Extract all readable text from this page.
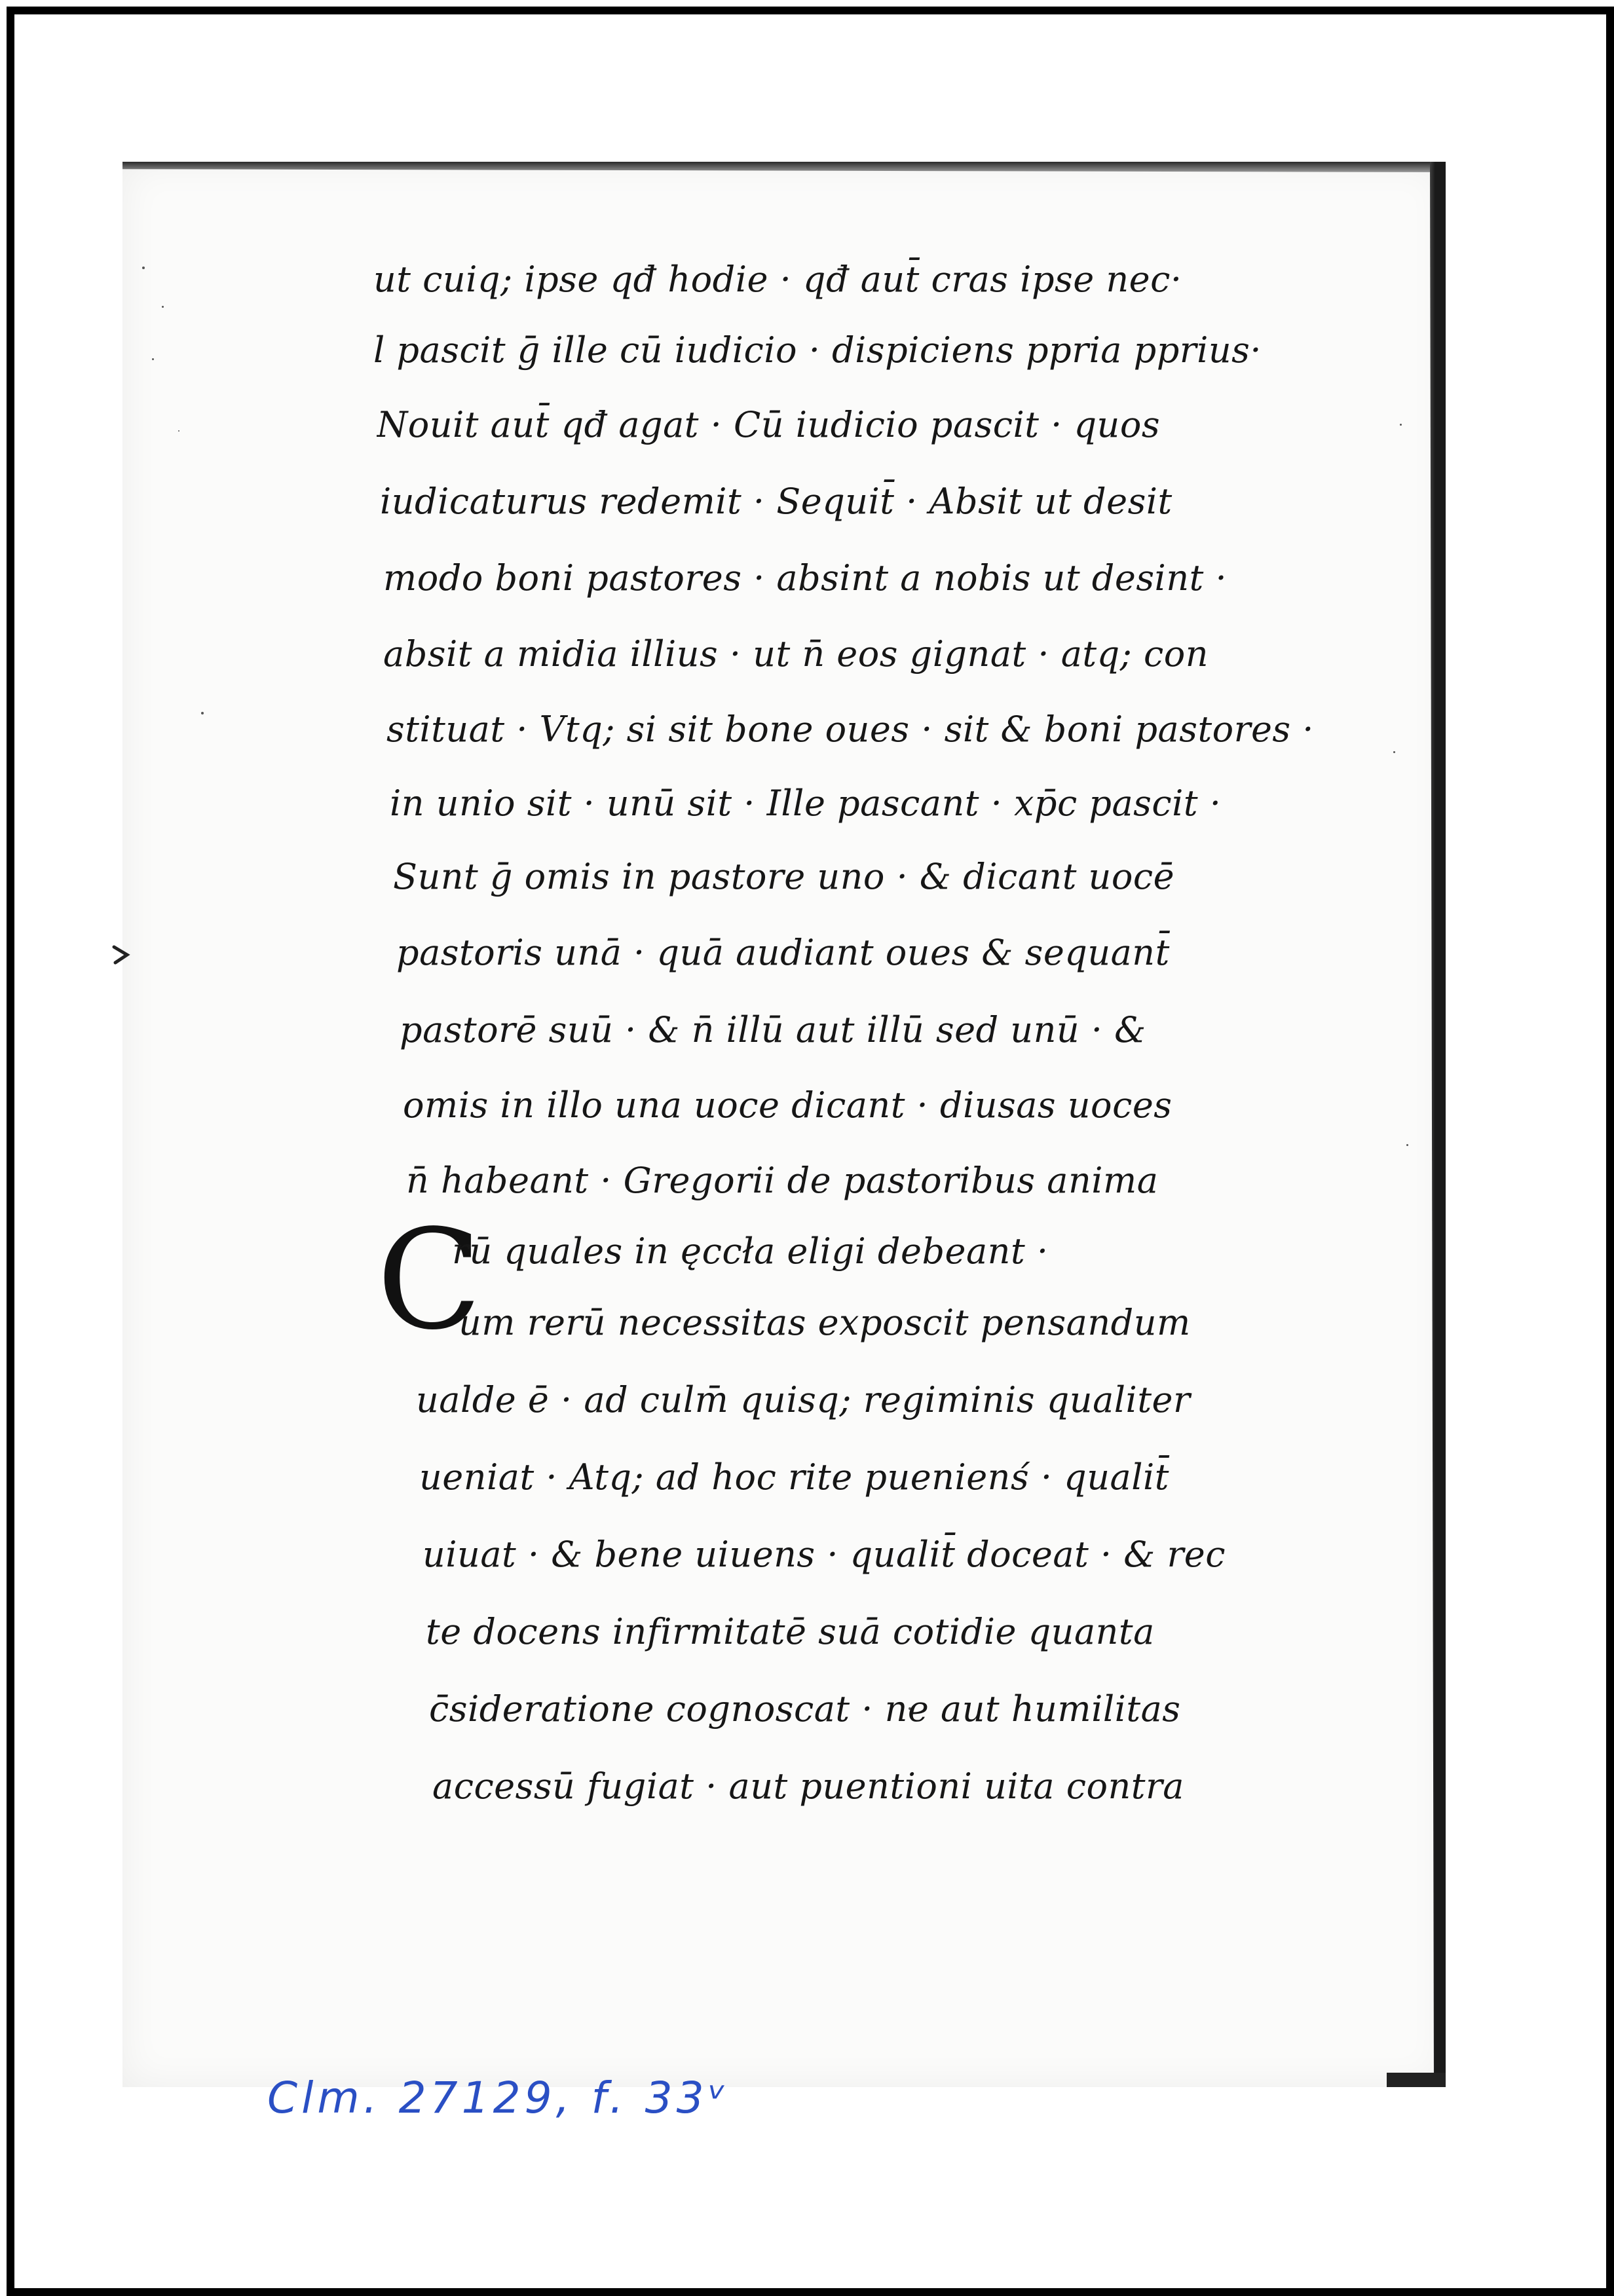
C
ut cuiq; ipse qđ hodie · qđ aut̄ cras ipse nec·
l pascit ḡ ille cū iudicio · dispiciens ppria pprius·
Nouit aut̄ qđ agat · Cū iudicio pascit · quos
iudicaturus redemit · Sequit̄ · Absit ut desit
modo boni pastores · absint a nobis ut desint ·
absit a midia illius · ut n̄ eos gignat · atq; con
stituat · Vtq; si sit bone oues · sit & boni pastores ·
in unio sit · unū sit · Ille pascant · xp̄c pascit ·
Sunt ḡ omis in pastore uno · & dicant uocē
pastoris unā · quā audiant oues & sequant̄
pastorē suū · & n̄ illū aut illū sed unū · &
omis in illo una uoce dicant · diusas uoces
n̄ habeant · Gregorii de pastoribus anima
rū quales in ęccła eligi debeant ·
um rerū necessitas exposcit pensandum
ualde ē · ad culm̄ quisq; regiminis qualiter
ueniat · Atq; ad hoc rite puenienś · qualit̄
uiuat · & bene uiuens · qualit̄ doceat · & rec
te docens infirmitatē suā cotidie quanta
c̄sideratione cognoscat · ne aut humilitas
accessū fugiat · aut puentioni uita contra
Clm. 27129, f. 33ᵛ
